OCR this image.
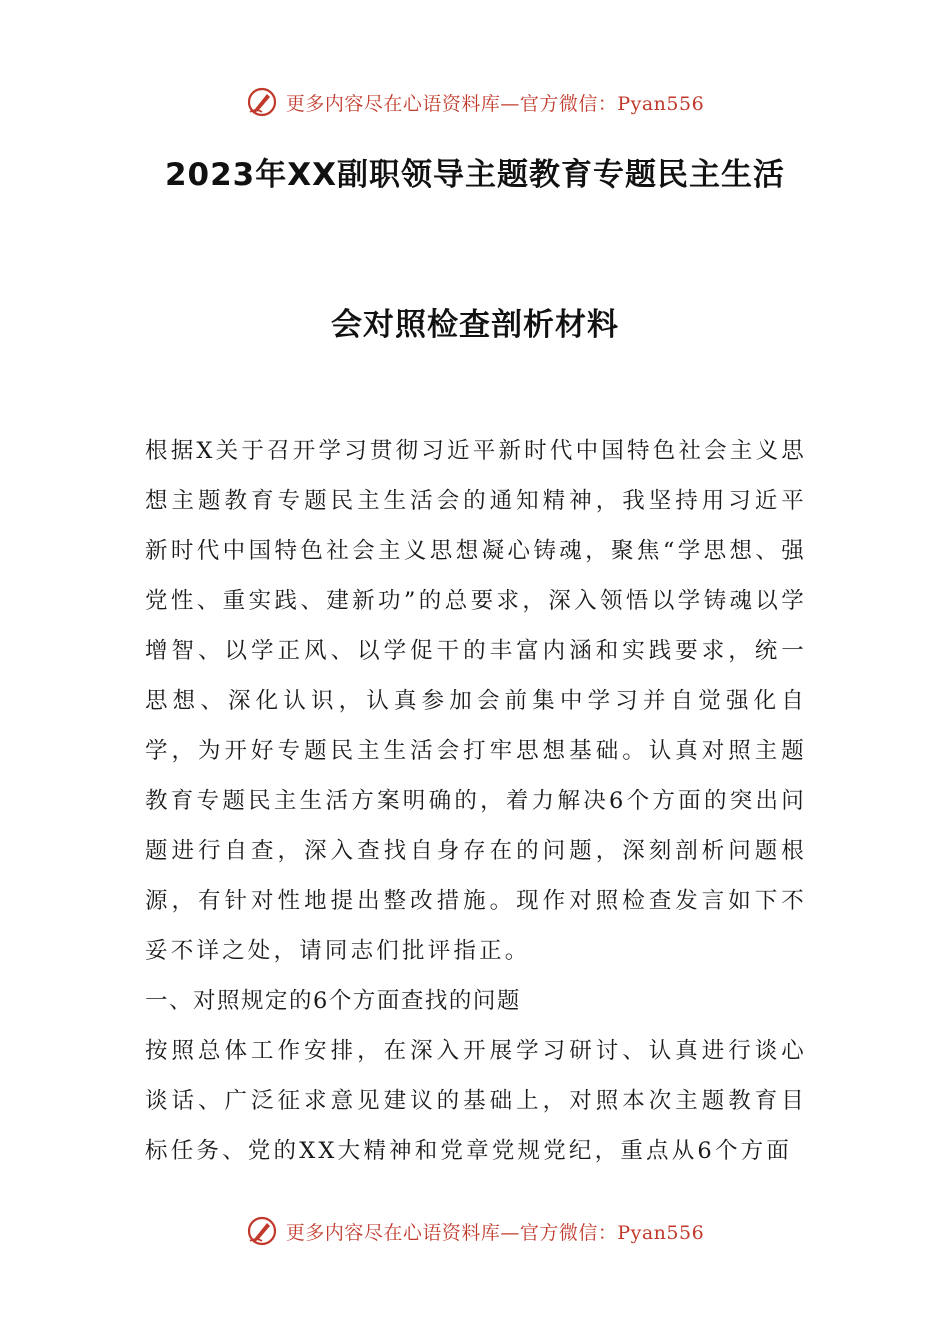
更多内容尽在心语资料库—官方微信：Pyan556
2023年XX副职领导主题教育专题民主生活
会对照检查剖析材料

根据X关于召开学习贯彻习近平新时代中国特色社会主义思想主题教育专题民主生活会的通知精神，我坚持用习近平新时代中国特色社会主义思想凝心铸魂，聚焦“学思想、强党性、重实践、建新功”的总要求，深入领悟以学铸魂以学增智、以学正风、以学促干的丰富内涵和实践要求，统一思想、深化认识，认真参加会前集中学习并自觉强化自学，为开好专题民主生活会打牢思想基础。认真对照主题教育专题民主生活方案明确的，着力解决6个方面的突出问题进行自查，深入查找自身存在的问题，深刻剖析问题根源，有针对性地提出整改措施。现作对照检查发言如下不妥不详之处，请同志们批评指正。

一、对照规定的6个方面查找的问题

按照总体工作安排，在深入开展学习研讨、认真进行谈心谈话、广泛征求意见建议的基础上，对照本次主题教育目标任务、党的XX大精神和党章党规党纪，重点从6个方面

更多内容尽在心语资料库—官方微信：Pyan556
